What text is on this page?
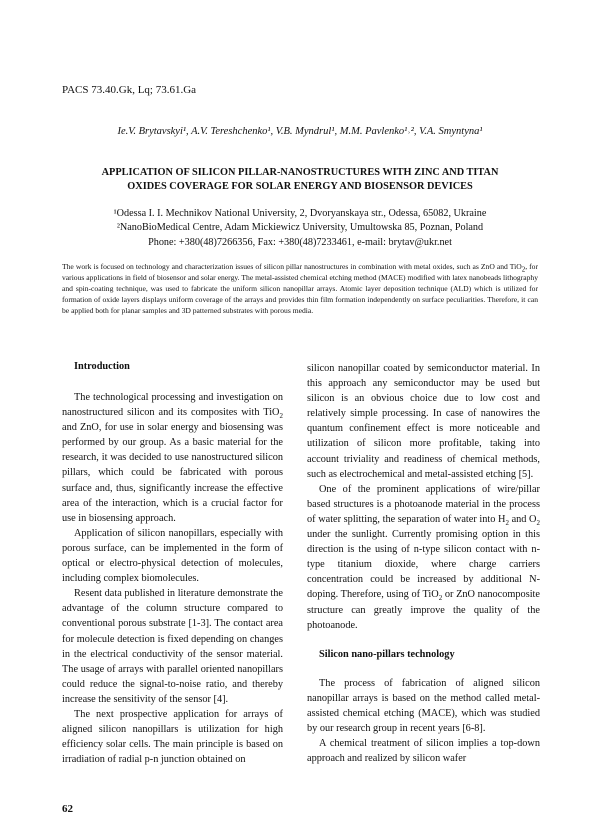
PACS 73.40.Gk, Lq; 73.61.Ga
Ie.V. Brytavskyi¹, A.V. Tereshchenko¹, V.B. Myndrul¹, M.M. Pavlenko¹˒², V.A. Smyntyna¹
APPLICATION OF SILICON PILLAR-NANOSTRUCTURES WITH ZINC AND TITAN
OXIDES COVERAGE FOR SOLAR ENERGY AND BIOSENSOR DEVICES
¹Odessa I. I. Mechnikov National University, 2, Dvoryanskaya str., Odessa, 65082, Ukraine
²NanoBioMedical Centre, Adam Mickiewicz University, Umultowska 85, Poznan, Poland
Phone: +380(48)7266356, Fax: +380(48)7233461, e-mail: brytav@ukr.net
The work is focused on technology and characterization issues of silicon pillar nanostructures in combination with metal oxides, such as ZnO and TiO$_2$, for various applications in field of biosensor and solar energy. The metal-assisted chemical etching method (MACE) modified with latex nanobeads lithography and spin-coating technique, was used to fabricate the uniform silicon nanopillar arrays. Atomic layer deposition technique (ALD) which is utilized for formation of oxide layers displays uniform coverage of the arrays and provides thin film formation independently on surface peculiarities. Therefore, it can be applied both for planar samples and 3D patterned substrates with porous media.
Introduction

The technological processing and investigation on nanostructured silicon and its composites with TiO$_2$ and ZnO, for use in solar energy and biosensing was performed by our group. As a basic material for the research, it was decided to use nanostructured silicon pillars, which could be fabricated with porous surface and, thus, significantly increase the effective area of the interaction, which is a crucial factor for use in biosensing approach.

Application of silicon nanopillars, especially with porous surface, can be implemented in the form of optical or electro-physical detection of molecules, including complex biomolecules.

Resent data published in literature demonstrate the advantage of the column structure compared to conventional porous substrate [1-3]. The contact area for molecule detection is fixed depending on changes in the electrical conductivity of the sensor material. The usage of arrays with parallel oriented nanopillars could reduce the signal-to-noise ratio, and thereby increase the sensitivity of the sensor [4].

The next prospective application for arrays of aligned silicon nanopillars is utilization for high efficiency solar cells. The main principle is based on irradiation of radial p-n junction obtained on

silicon nanopillar coated by semiconductor material. In this approach any semiconductor may be used but silicon is an obvious choice due to low cost and relatively simple processing. In case of nanowires the quantum confinement effect is more noticeable and utilization of silicon more profitable, taking into account triviality and readiness of chemical methods, such as electrochemical and metal-assisted etching [5].

One of the prominent applications of wire/pillar based structures is a photoanode material in the process of water splitting, the separation of water into $H_2$ and $O_2$ under the sunlight. Currently promising option in this direction is the using of n-type silicon contact with n-type titanium dioxide, where charge carriers concentration could be increased by additional N-doping. Therefore, using of TiO$_2$ or ZnO nanocomposite structure can greatly improve the quality of the photoanode.

Silicon nano-pillars technology

The process of fabrication of aligned silicon nanopillar arrays is based on the method called metal-assisted chemical etching (MACE), which was studied by our research group in recent years [6-8].

A chemical treatment of silicon implies a top-down approach and realized by silicon wafer

62
